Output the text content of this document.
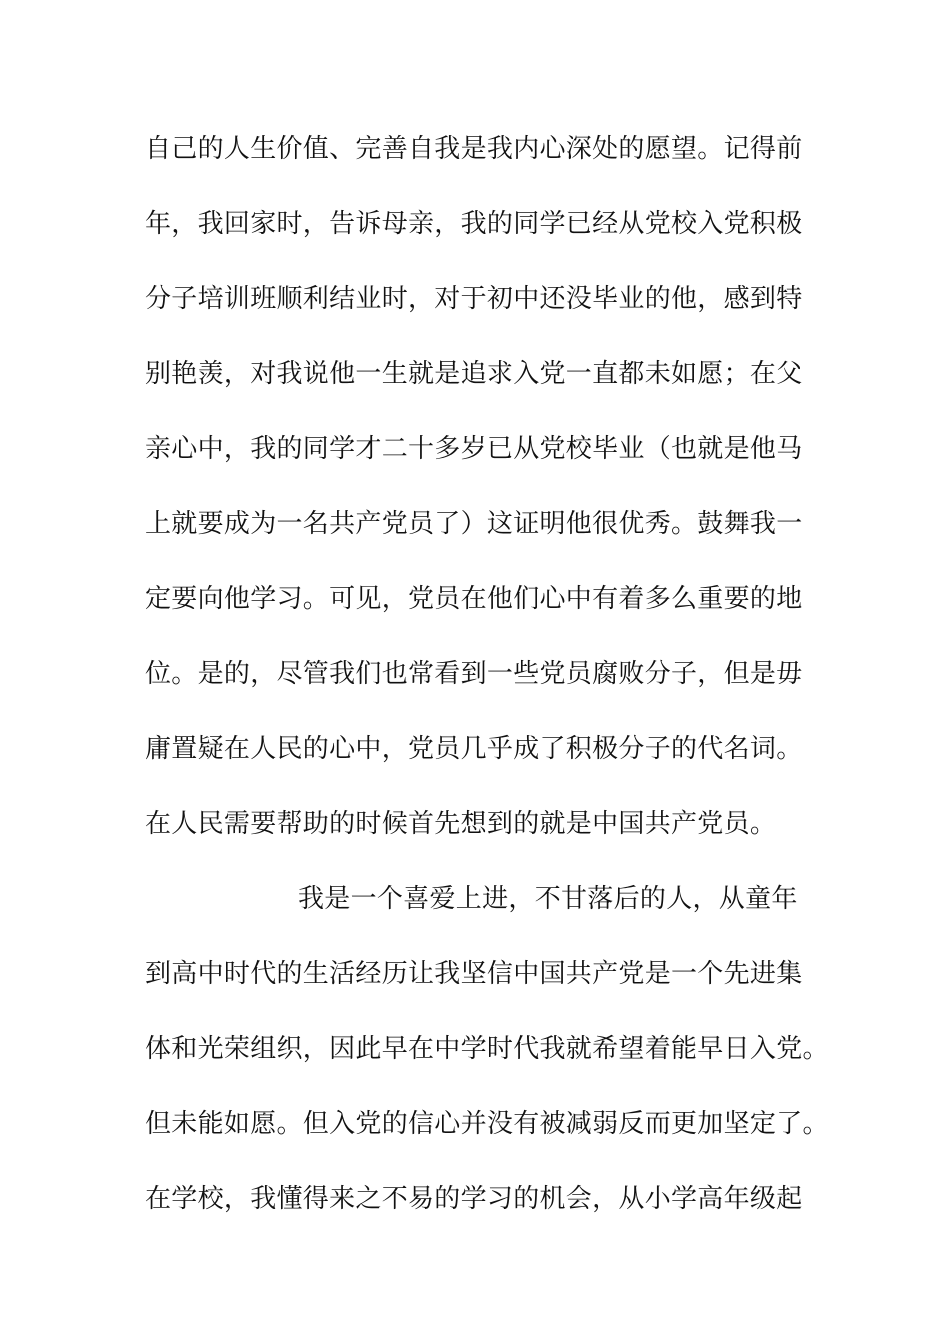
自己的人生价值、完善自我是我内心深处的愿望。记得前
年，我回家时，告诉母亲，我的同学已经从党校入党积极
分子培训班顺利结业时，对于初中还没毕业的他，感到特
别艳羡，对我说他一生就是追求入党一直都未如愿；在父
亲心中，我的同学才二十多岁已从党校毕业（也就是他马
上就要成为一名共产党员了）这证明他很优秀。鼓舞我一
定要向他学习。可见，党员在他们心中有着多么重要的地
位。是的，尽管我们也常看到一些党员腐败分子，但是毋
庸置疑在人民的心中，党员几乎成了积极分子的代名词。
在人民需要帮助的时候首先想到的就是中国共产党员。
我是一个喜爱上进，不甘落后的人，从童年
到高中时代的生活经历让我坚信中国共产党是一个先进集
体和光荣组织，因此早在中学时代我就希望着能早日入党。
但未能如愿。但入党的信心并没有被减弱反而更加坚定了。
在学校，我懂得来之不易的学习的机会，从小学高年级起
